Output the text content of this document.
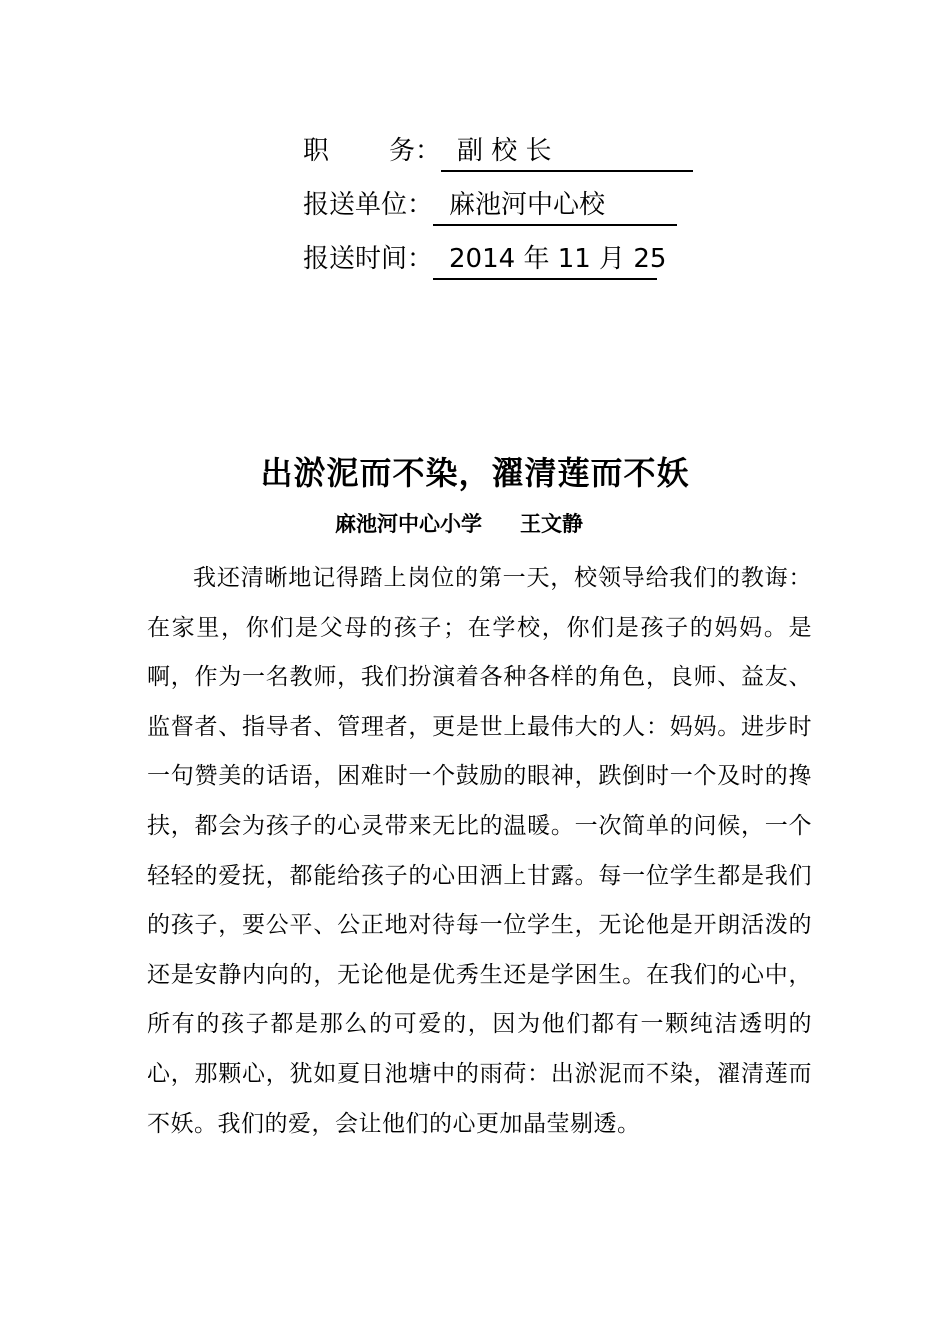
职 务： 副 校 长
报送单位： 麻池河中心校
报送时间： 2014 年 11 月 25
出淤泥而不染，濯清莲而不妖
麻池河中心小学 王文静

我还清晰地记得踏上岗位的第一天，校领导给我们的教诲：在家里，你们是父母的孩子；在学校，你们是孩子的妈妈。是啊，作为一名教师，我们扮演着各种各样的角色，良师、益友、监督者、指导者、管理者，更是世上最伟大的人：妈妈。进步时一句赞美的话语，困难时一个鼓励的眼神，跌倒时一个及时的搀扶，都会为孩子的心灵带来无比的温暖。一次简单的问候，一个轻轻的爱抚，都能给孩子的心田洒上甘露。每一位学生都是我们的孩子，要公平、公正地对待每一位学生，无论他是开朗活泼的还是安静内向的，无论他是优秀生还是学困生。在我们的心中，所有的孩子都是那么的可爱的，因为他们都有一颗纯洁透明的心，那颗心，犹如夏日池塘中的雨荷：出淤泥而不染，濯清莲而不妖。我们的爱，会让他们的心更加晶莹剔透。
